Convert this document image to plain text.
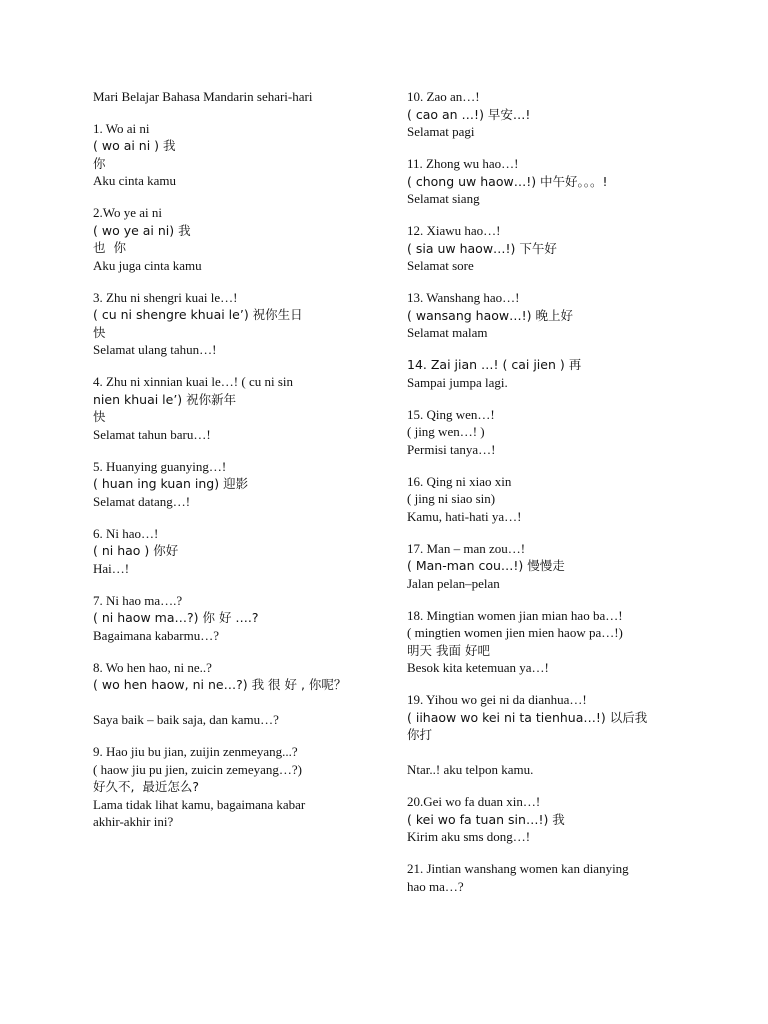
Mari Belajar Bahasa Mandarin sehari-hari
1. Wo ai ni
( wo ai ni ) 我
你
Aku cinta kamu
2.Wo ye ai ni
( wo ye ai ni) 我
也  你
Aku juga cinta kamu
3. Zhu ni shengri kuai le…!
( cu ni shengre khuai le’) 祝你生日
快
Selamat ulang tahun…!
4. Zhu ni xinnian kuai le…! ( cu ni sin
nien khuai le’) 祝你新年
快
Selamat tahun baru…!
5. Huanying guanying…!
( huan ing kuan ing) 迎影
Selamat datang…!
6. Ni hao…!
( ni hao ) 你好
Hai…!
7. Ni hao ma….?
( ni haow ma…?) 你 好 ….?
Bagaimana kabarmu…?
8. Wo hen hao, ni ne..?
( wo hen haow, ni ne…?) 我 很 好 , 你呢？

Saya baik – baik saja, dan kamu…?
9. Hao jiu bu jian, zuijin zenmeyang...?
( haow jiu pu jien, zuicin zemeyang…?)
好久不,  最近怎么?
Lama tidak lihat kamu, bagaimana kabar
akhir-akhir ini?
10. Zao an…!
( cao an …!) 早安…!
Selamat pagi
11. Zhong wu hao…!
( chong uw haow…!) 中午好。。。!
Selamat siang
12. Xiawu hao…!
( sia uw haow…!) 下午好
Selamat sore
13. Wanshang hao…!
( wansang haow…!) 晚上好
Selamat malam
14. Zai jian …! ( cai jien ) 再
Sampai jumpa lagi.
15. Qing wen…!
( jing wen…! )
Permisi tanya…!
16. Qing ni xiao xin
( jing ni siao sin)
Kamu, hati-hati ya…!
17. Man – man zou…!
( Man-man cou…!) 慢慢走
Jalan pelan–pelan
18. Mingtian women jian mian hao ba…!
( mingtien women jien mien haow pa…!)
明天 我面 好吧
Besok kita ketemuan ya…!
19. Yihou wo gei ni da dianhua…!
( iihaow wo kei ni ta tienhua…!) 以后我
你打

Ntar..! aku telpon kamu.
20.Gei wo fa duan xin…!
( kei wo fa tuan sin…!) 我
Kirim aku sms dong…!
21. Jintian wanshang women kan dianying
hao ma…?
